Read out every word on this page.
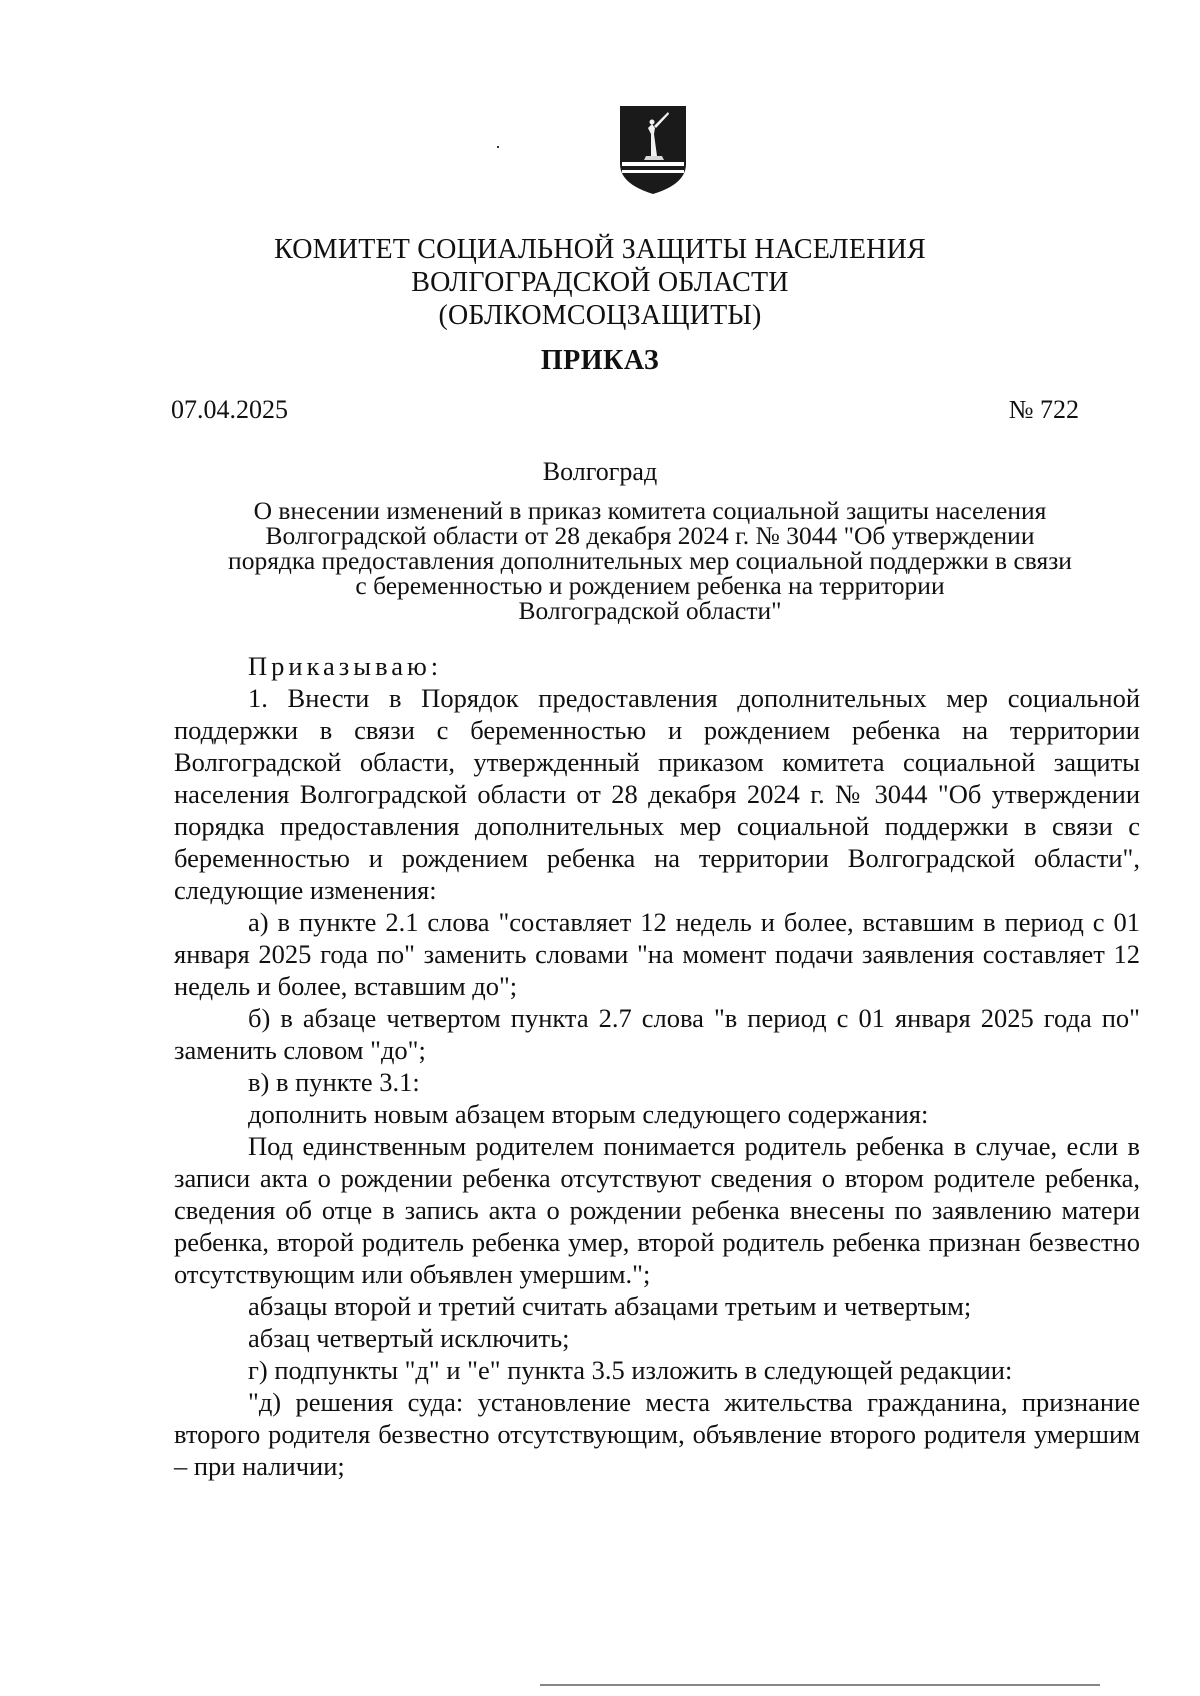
КОМИТЕТ СОЦИАЛЬНОЙ ЗАЩИТЫ НАСЕЛЕНИЯ
ВОЛГОГРАДСКОЙ ОБЛАСТИ
(ОБЛКОМСОЦЗАЩИТЫ)
ПРИКАЗ
07.04.2025	№ 722
Волгоград
О внесении изменений в приказ комитета социальной защиты населения
Волгоградской области от 28 декабря 2024 г. № 3044 "Об утверждении
порядка предоставления дополнительных мер социальной поддержки в связи
с беременностью и рождением ребенка на территории
Волгоградской области"

Приказываю:

1. Внести в Порядок предоставления дополнительных мер социальной поддержки в связи с беременностью и рождением ребенка на территории Волгоградской области, утвержденный приказом комитета социальной защиты населения Волгоградской области от 28 декабря 2024 г. № 3044 "Об утверждении порядка предоставления дополнительных мер социальной поддержки в связи с беременностью и рождением ребенка на территории Волгоградской области", следующие изменения:

а) в пункте 2.1 слова "составляет 12 недель и более, вставшим в период с 01 января 2025 года по" заменить словами "на момент подачи заявления составляет 12 недель и более, вставшим до";

б) в абзаце четвертом пункта 2.7 слова "в период с 01 января 2025 года по" заменить словом "до";

в) в пункте 3.1:

дополнить новым абзацем вторым следующего содержания:

Под единственным родителем понимается родитель ребенка в случае, если в записи акта о рождении ребенка отсутствуют сведения о втором родителе ребенка, сведения об отце в запись акта о рождении ребенка внесены по заявлению матери ребенка, второй родитель ребенка умер, второй родитель ребенка признан безвестно отсутствующим или объявлен умершим.";

абзацы второй и третий считать абзацами третьим и четвертым;

абзац четвертый исключить;

г) подпункты "д" и "е" пункта 3.5 изложить в следующей редакции:

"д) решения суда: установление места жительства гражданина, признание второго родителя безвестно отсутствующим, объявление второго родителя умершим – при наличии;
